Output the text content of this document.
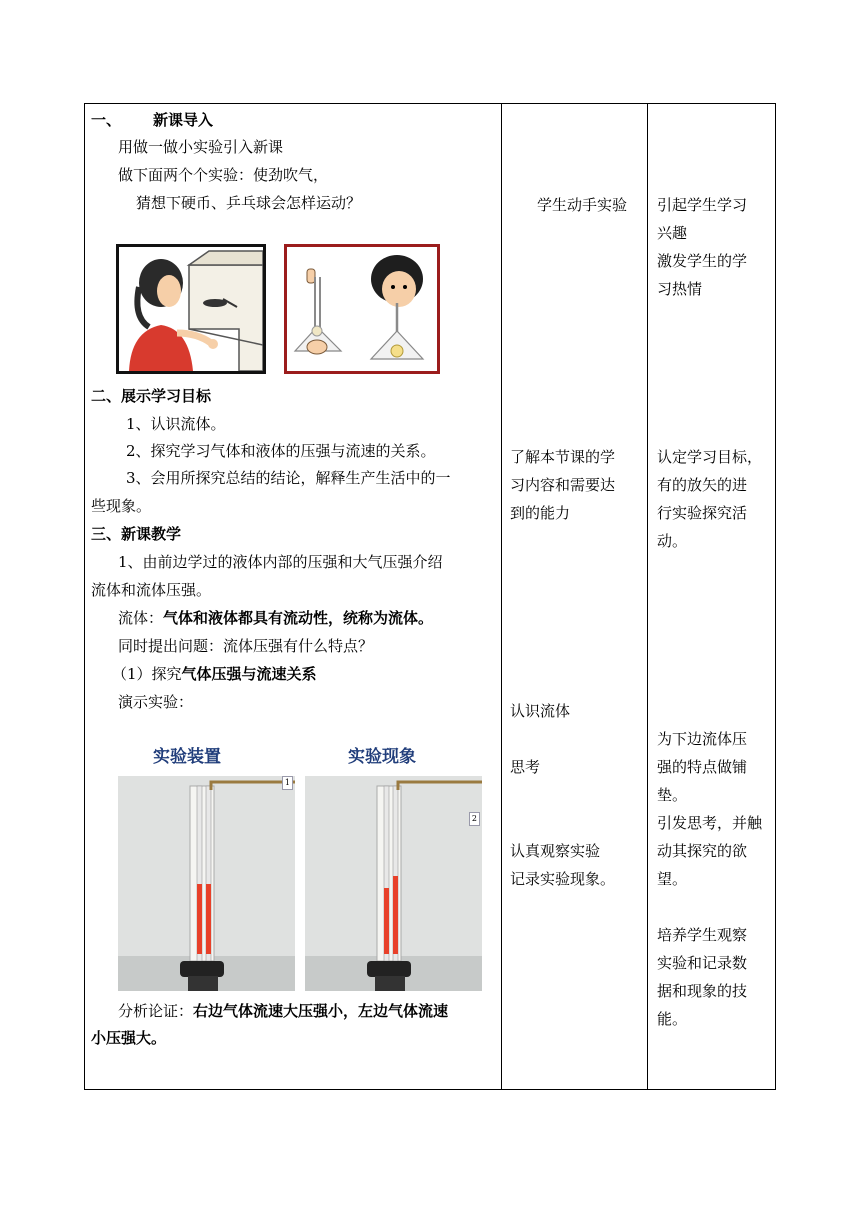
一、 新课导入
用做一做小实验引入新课
做下面两个个实验：使劲吹气，
猜想下硬币、乒乓球会怎样运动？
二、展示学习目标
1、认识流体。
2、探究学习气体和液体的压强与流速的关系。
3、会用所探究总结的结论，解释生产生活中的一
些现象。
三、新课教学
1、由前边学过的液体内部的压强和大气压强介绍
流体和流体压强。
流体：气体和液体都具有流动性，统称为流体。
同时提出问题：流体压强有什么特点？
（1）探究气体压强与流速关系
演示实验：
实验装置	实验现象
1
2
分析论证：右边气体流速大压强小，左边气体流速
小压强大。
学生动手实验
了解本节课的学
习内容和需要达
到的能力
认识流体
思考
认真观察实验
记录实验现象。
引起学生学习
兴趣
激发学生的学
习热情
认定学习目标，
有的放矢的进
行实验探究活
动。
为下边流体压
强的特点做铺
垫。
引发思考，并触
动其探究的欲
望。
培养学生观察
实验和记录数
据和现象的技
能。
